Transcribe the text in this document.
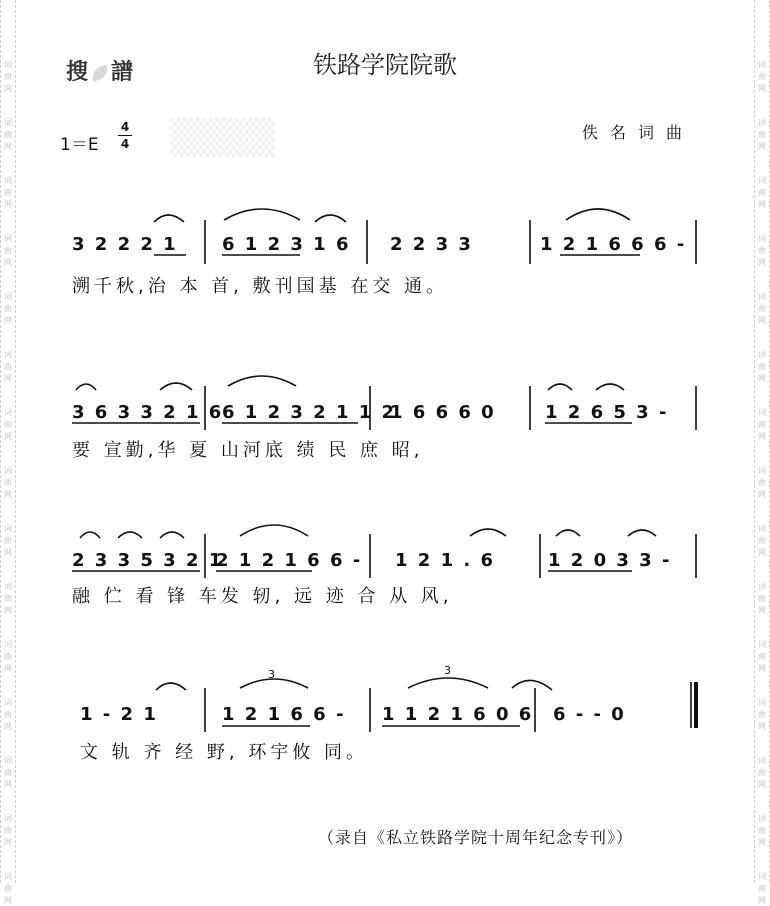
词
曲
网
词
曲
网
词
曲
网
词
曲
网
词
曲
网
词
曲
网
词
曲
网
词
曲
网
词
曲
网
词
曲
网
词
曲
网
词
曲
网
词
曲
网
词
曲
网
词
曲
网
词
曲
网
词
曲
网
词
曲
网
词
曲
网
词
曲
网
词
曲
网
词
曲
网
词
曲
网
词
曲
网
词
曲
网
词
曲
网
词
曲
网
词
曲
网
词
曲
网
词
曲
网
▒▒▒▒
搜 譜	铁路学院院歌
1＝E
4
4
佚名词曲
3 2 2 2 1 6 1 2 3 1 6 2 2 3 3	1 2 1 6 6 6 -
溯千秋,治 本 首, 敷刊国基 在交 通。
3 6 3 3 2 1 6
6 1 2 3 2 1 1 2
1 6 6 6 0	1 2 6 5 3 -
要 宣勤,华 夏 山河底 绩 民 庶 昭,
2 3 3 5 3 2 1
2 1 2 1 6 6 - 1 2 1 . 6	1 2 0 3 3 -
融 伫 看 锋 车发 轫, 远 迹 合 从 风,
1 - 2 1	1 2 1 6 6 - 1 1 2 1 6 0 6 6 - - 0
文 轨 齐 经 野, 环宇攸 同。
（录自《私立铁路学院十周年纪念专刊》）
3	3
